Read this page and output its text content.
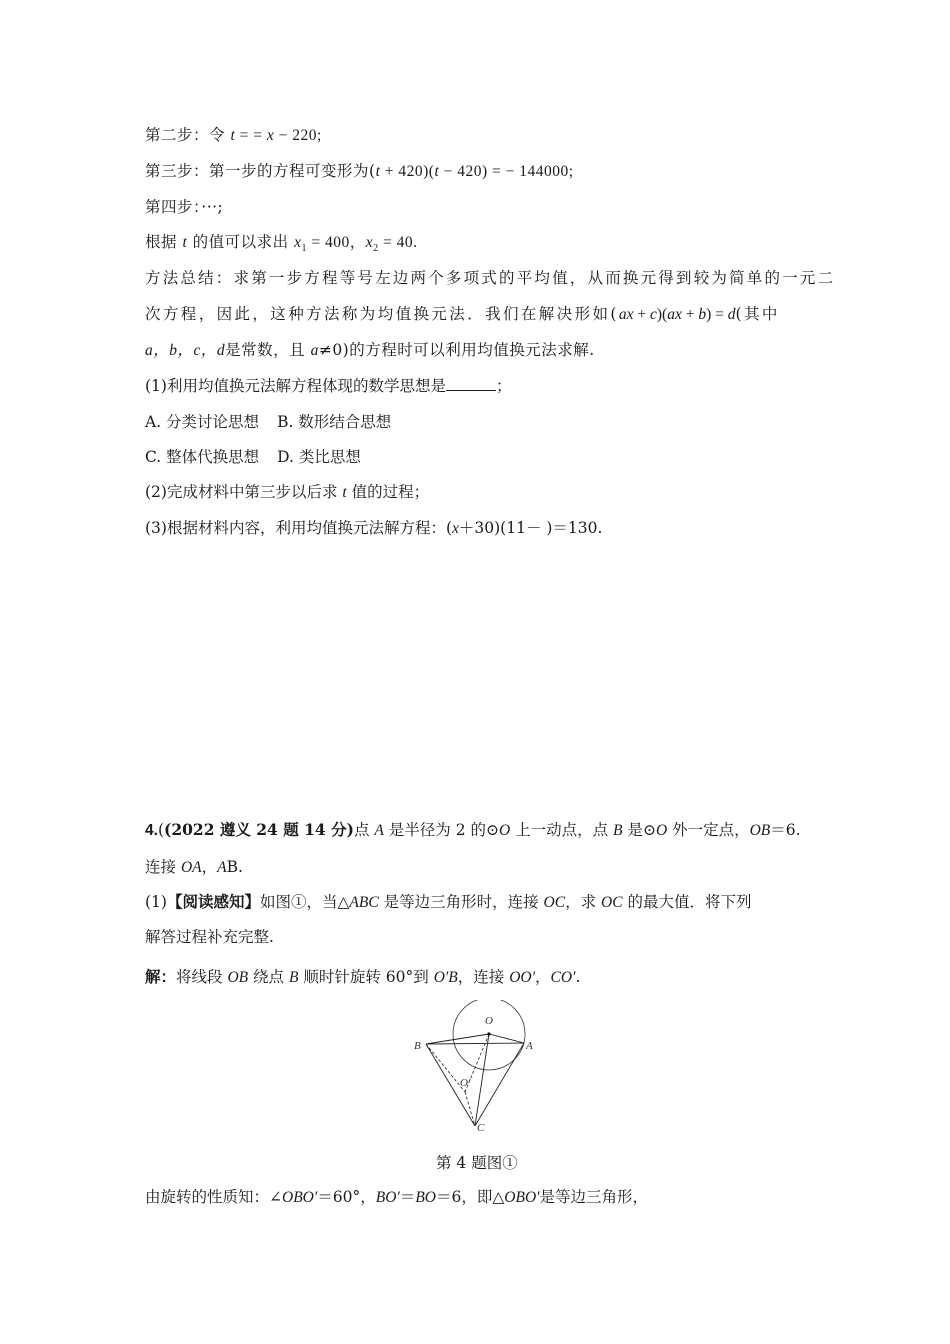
第二步：令 t = = x − 220;
第三步：第一步的方程可变形为(t + 420)(t − 420) = − 144000;
第四步：···;
根据 t 的值可以求出 $x_1 = 400$，$x_2 = 40$.
方法总结：求第一步方程等号左边两个多项式的平均值，从而换元得到较为简单的一元二
次方程，因此，这种方法称为均值换元法．我们在解决形如(ax + c)(ax + b) = d(其中
a，b，c，d是常数，且 a≠0)的方程时可以利用均值换元法求解.
(1)利用均值换元法解方程体现的数学思想是	；
A. 分类讨论思想 B. 数形结合思想
C. 整体代换思想 D. 类比思想
(2)完成材料中第三步以后求 t 值的过程；
(3)根据材料内容，利用均值换元法解方程：(x＋30)(11－ )＝130.
4.((2022 遵义 24 题 14 分)点 A 是半径为 2 的⊙O 上一动点，点 B 是⊙O 外一定点，OB＝6.
连接 OA，AB.
(1)【阅读感知】如图①，当△ABC 是等边三角形时，连接 OC，求 OC 的最大值．将下列
解答过程补充完整.
解：将线段 OB 绕点 B 顺时针旋转 60°到 O′B，连接 OO′，CO′.
O
B	A
O′
C
第 4 题图①
由旋转的性质知：∠OBO′＝60°，BO′＝BO＝6，即△OBO′是等边三角形，
